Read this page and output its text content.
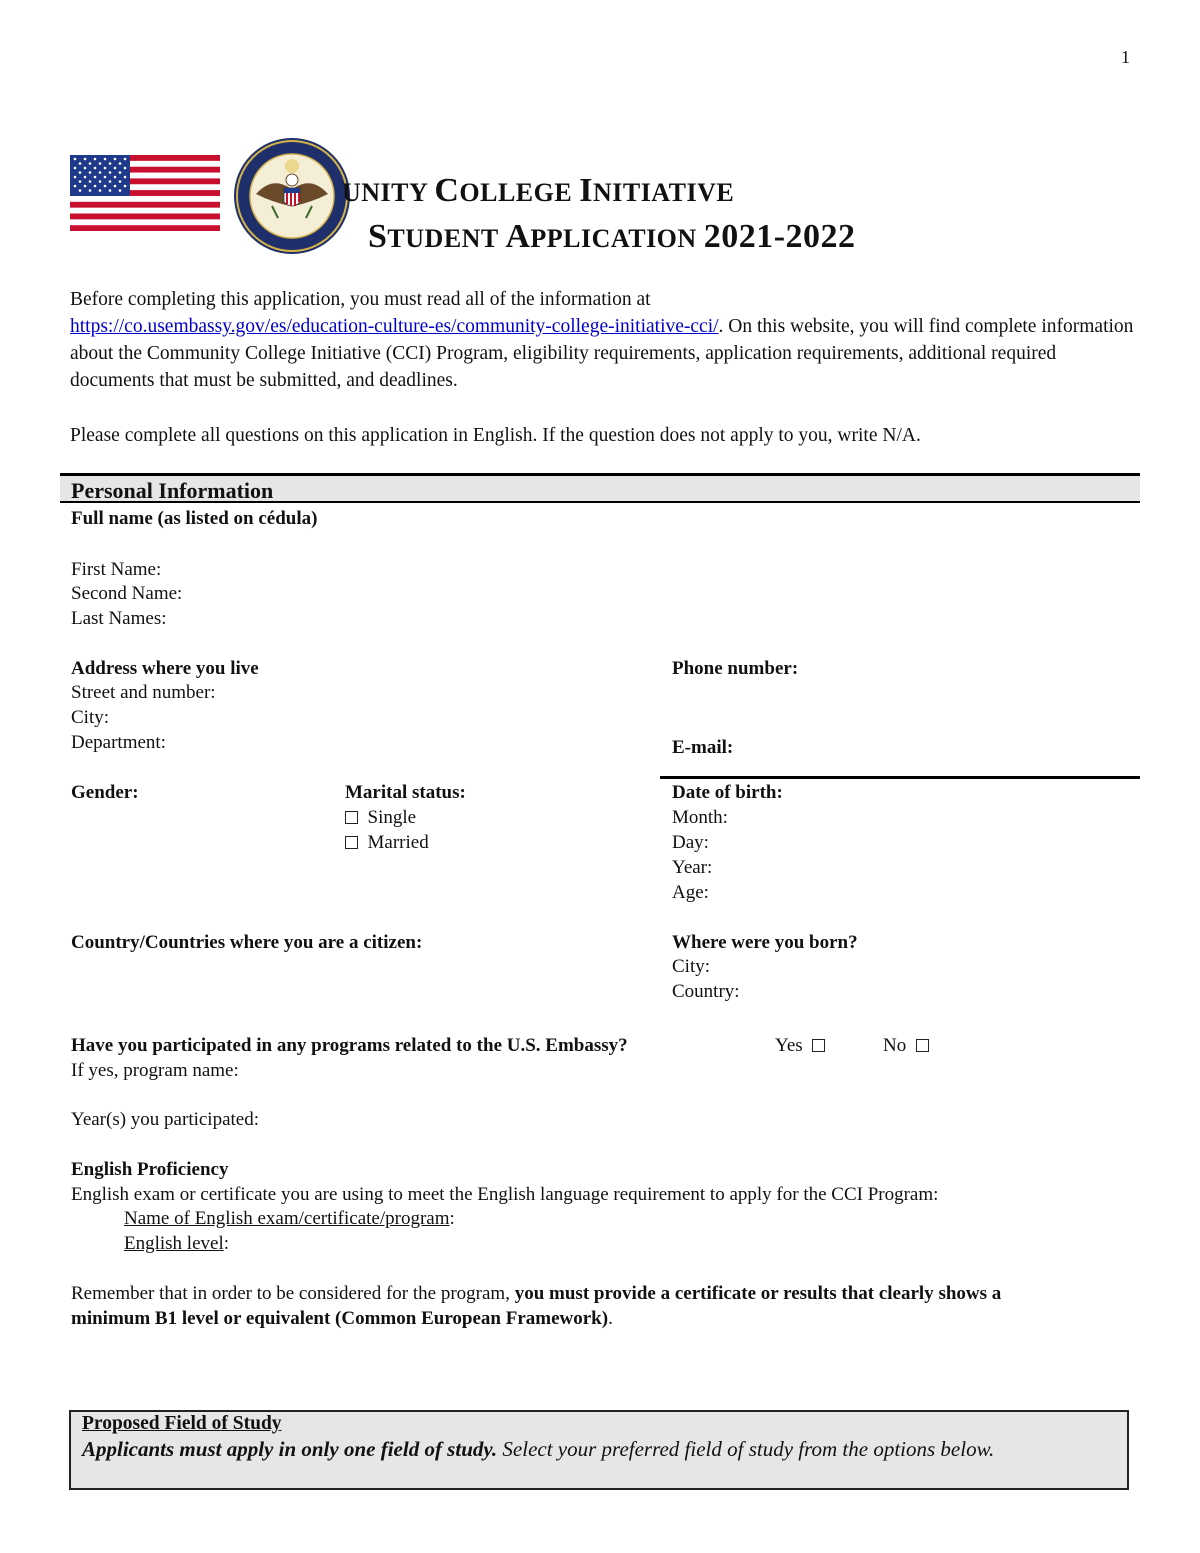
1
UNITY COLLEGE INITIATIVE
STUDENT APPLICATION 2021-2022
Before completing this application, you must read all of the information at
https://co.usembassy.gov/es/education-culture-es/community-college-initiative-cci/. On this website, you will find complete information about the Community College Initiative (CCI) Program, eligibility requirements, application requirements, additional required documents that must be submitted, and deadlines.
Please complete all questions on this application in English. If the question does not apply to you, write N/A.
Personal Information
Full name (as listed on cédula)
First Name:
Second Name:
Last Names:
Address where you live
Street and number:
City:
Department:
Phone number:
E-mail:
Gender:	Marital status:
Single
Married
Date of birth:
Month:
Day:
Year:
Age:
Country/Countries where you are a citizen:	Where were you born?
City:
Country:
Have you participated in any programs related to the U.S. Embassy?	Yes	No
If yes, program name:
Year(s) you participated:
English Proficiency
English exam or certificate you are using to meet the English language requirement to apply for the CCI Program:
Name of English exam/certificate/program:
English level:
Remember that in order to be considered for the program, you must provide a certificate or results that clearly shows a
minimum B1 level or equivalent (Common European Framework).
Proposed Field of Study
Applicants must apply in only one field of study. Select your preferred field of study from the options below.
